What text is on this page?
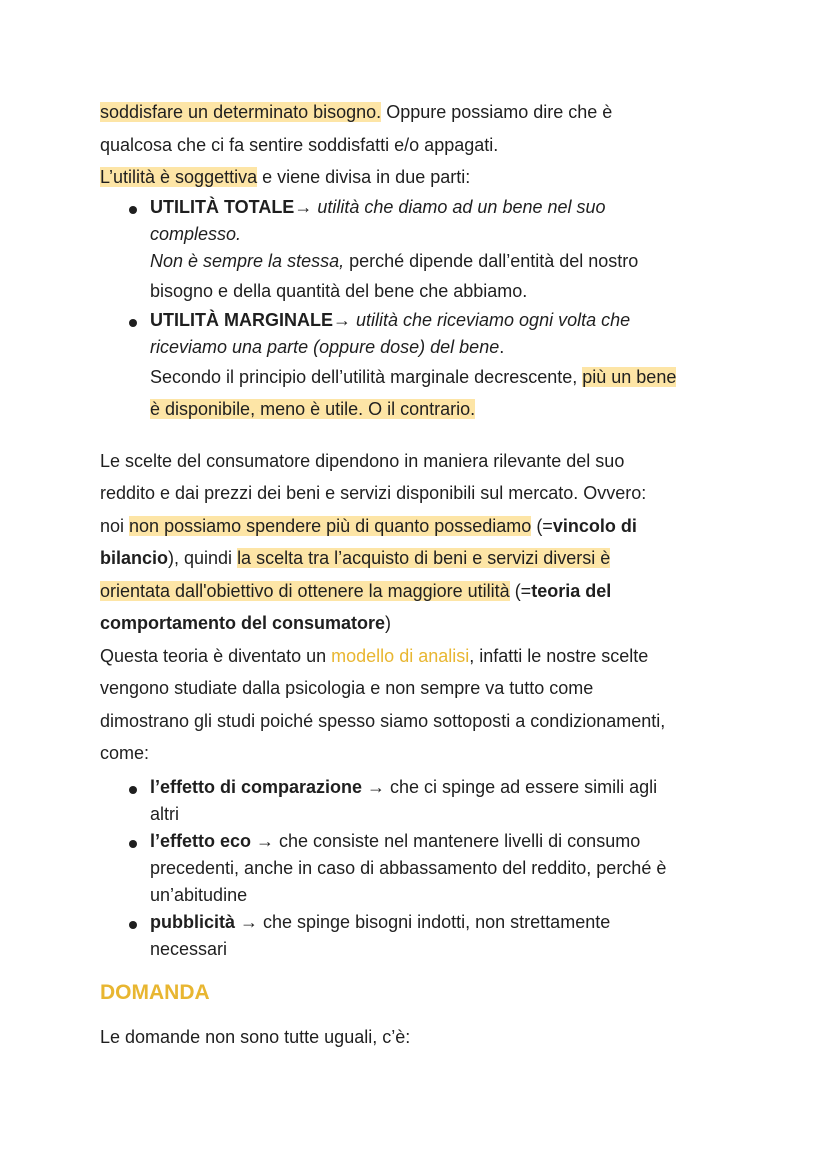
soddisfare un determinato bisogno. Oppure possiamo dire che è
qualcosa che ci fa sentire soddisfatti e/o appagati.
L’utilità è soggettiva e viene divisa in due parti:

UTILITÀ TOTALE→ utilità che diamo ad un bene nel suo
complesso.
Non è sempre la stessa, perché dipende dall’entità del nostro
bisogno e della quantità del bene che abbiamo.
UTILITÀ MARGINALE→ utilità che riceviamo ogni volta che
riceviamo una parte (oppure dose) del bene.
Secondo il principio dell’utilità marginale decrescente, più un bene
è disponibile, meno è utile. O il contrario.

Le scelte del consumatore dipendono in maniera rilevante del suo
reddito e dai prezzi dei beni e servizi disponibili sul mercato. Ovvero:
noi non possiamo spendere più di quanto possediamo (=vincolo di
bilancio), quindi la scelta tra l’acquisto di beni e servizi diversi è
orientata dall'obiettivo di ottenere la maggiore utilità (=teoria del
comportamento del consumatore)
Questa teoria è diventato un modello di analisi, infatti le nostre scelte
vengono studiate dalla psicologia e non sempre va tutto come
dimostrano gli studi poiché spesso siamo sottoposti a condizionamenti,
come:

l’effetto di comparazione → che ci spinge ad essere simili agli
altri
l’effetto eco → che consiste nel mantenere livelli di consumo
precedenti, anche in caso di abbassamento del reddito, perché è
un’abitudine
pubblicità → che spinge bisogni indotti, non strettamente
necessari
DOMANDA

Le domande non sono tutte uguali, c’è:
